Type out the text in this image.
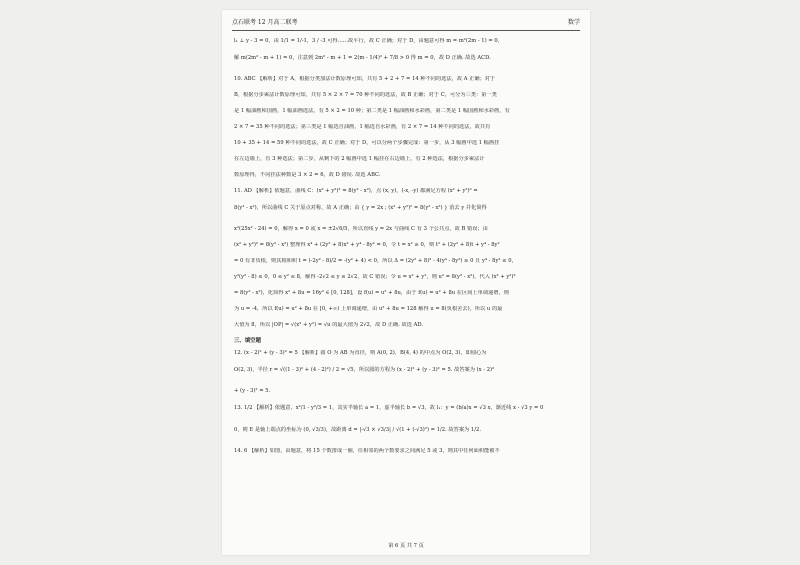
点石联考 12 月高二联考	数学
l₁ ⊥ y - 3 = 0，由 1/1 = 1/-1，3 / -3 可得……故平行，故 C 正确；对于 D，由题意可得 m = m²(2m - 1) = 0，
解 m(2m² - m + 1) = 0，注意到 2m² - m + 1 = 2(m - 1/4)² + 7/8 > 0 得 m = 0，故 D 正确. 故选 ACD.
10. ABC 【解析】对于 A，根据分类加法计数原理可知，共有 5 + 2 + 7 = 14 种不同的选法，故 A 正确；对于
B，根据分步乘法计数原理可知，共有 5 × 2 × 7 = 70 种不同的选法，故 B 正确；对于 C，可分为三类：第一类
是 1 幅油画和国画，1 幅油画选法，有 5 × 2 = 10 种；第二类是 1 幅油画和水彩画，第二类是 1 幅国画和水彩画，有
2 × 7 = 35 种不同的选法；第三类是 1 幅选自油画，1 幅选自水彩画，有 2 × 7 = 14 种不同的选法，故共有
10 + 35 + 14 = 59 种不同的选法，故 C 正确；对于 D，可以分两个步骤完成：第一步，从 3 幅画中选 1 幅画挂
在左边墙上，有 3 种选法；第二步，从剩下的 2 幅画中选 1 幅挂在右边墙上，有 2 种选法，根据分步乘法计
数原理得，不同挂法种数是 3 × 2 = 6，故 D 错误. 故选 ABC.
11. AD 【解析】依题意，曲线 C：(x² + y²)² = 8(y² - x²)，点 (x, y)，(-x, -y) 都满足方程 (x² + y²)² =
8(y² - x²)，所以曲线 C 关于原点对称，故 A 正确；由 { y = 2x ; (x² + y²)² = 8(y² - x²) } 消去 y 并化简得
x²(25x² - 24) = 0，解得 x = 0 或 x = ±2√6/5，所以直线 y = 2x 与曲线 C 有 3 个公共点，故 B 错误；由
(x² + y²)² = 8(y² - x²) 整理得 x⁴ + (2y² + 8)x² + y⁴ - 8y² = 0，令 t = x² ≥ 0，则 t² + (2y² + 8)t + y⁴ - 8y²
= 0 有非负根，则其根和积 t = (-2y² - 8)/2 = -(y² + 4) < 0，所以 Δ = (2y² + 8)² - 4(y⁴ - 8y²) ≥ 0 且 y⁴ - 8y² ≤ 0，
y²(y² - 8) ≤ 0，0 ≤ y² ≤ 8，解得 -2√2 ≤ y ≤ 2√2，故 C 错误；令 u = x² + y²，则 u² = 8(y² - x²)，代入 (x² + y²)²
= 8(y² - x²)，化简得 x² + 8u = 16y² ∈ [0, 128]，设 f(u) = u² + 8u，由于 f(u) = u² + 8u 在区间上单调递增，则
为 u = -4，所以 f(u) = u² + 8u 在 [0, +∞) 上单调递增，由 u² + 8u = 128 解得 u = 8(负根舍去)，所以 u 的最
大值为 8，所以 |OP| = √(x² + y²) = √u 的最大值为 2√2，故 D 正确. 故选 AD.
三、填空题
12. (x - 2)² + (y - 3)² = 5 【解析】圆 O 为 AB 为直径，则 A(0, 2)，B(4, 4) 的中点为 O(2, 3)，即圆心为
O(2, 3)，半径 r = √((1 - 3)² + (4 - 2)²) / 2 = √5，所以圆的方程为 (x - 2)² + (y - 3)² = 5. 故答案为 (x - 2)²
+ (y - 3)² = 5.
13. 1/2 【解析】依题意，x²/1 - y²/3 = 1，其实半轴长 a = 1，虚半轴长 b = √3，故 l₁：y = (b/a)x = √3 x，渐近线 x - √3 y = 0
0，则 E 是轴上端点的坐标为 (0, √3/3)，故距离 d = |-√3 × √3/3| / √(1 + (-√3)²) = 1/2. 故答案为 1/2.
14. 6 【解析】如图，由题意，将 15 个数排成一圈，任相邻的两个数要求之间满足 5 或 3，则其中任何面积能被不
第 6 页 共 7 页
